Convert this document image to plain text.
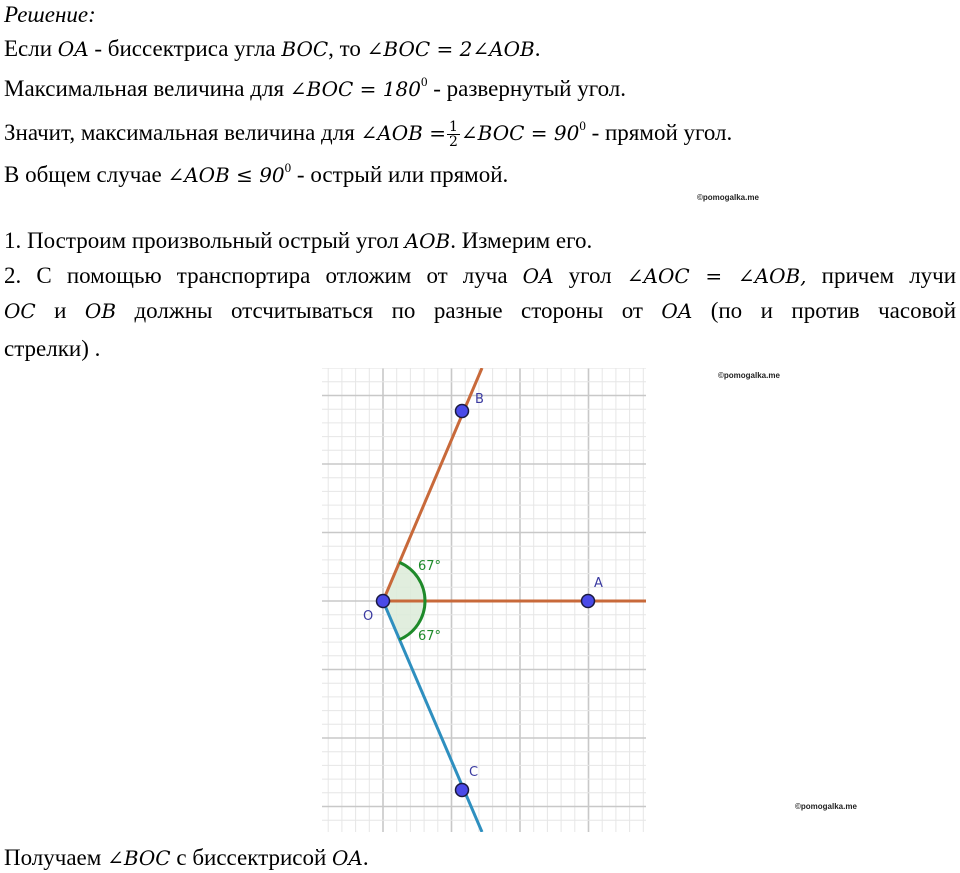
Решение:
Если OA - биссектриса угла BOC, то ∠BOC = 2∠AOB.
Максимальная величина для ∠BOC = $180^0$ - развернутый угол.
Значит, максимальная величина для ∠AOB = $\frac{1}{2}$ ∠BOC = $90^0$ - прямой угол.
В общем случае ∠AOB ≤ $90^0$ - острый или прямой.
©pomogalka.me
1. Построим произвольный острый угол AOB. Измерим его.
2. С помощью транспортира отложим от луча OA угол ∠AOC = ∠AOB, причем лучи
OC и OB должны отсчитываться по разные стороны от OA (по и против часовой
стрелки) .
©pomogalka.me
67°
67°
O
A
B
C
©pomogalka.me
Получаем ∠BOC с биссектрисой OA.
